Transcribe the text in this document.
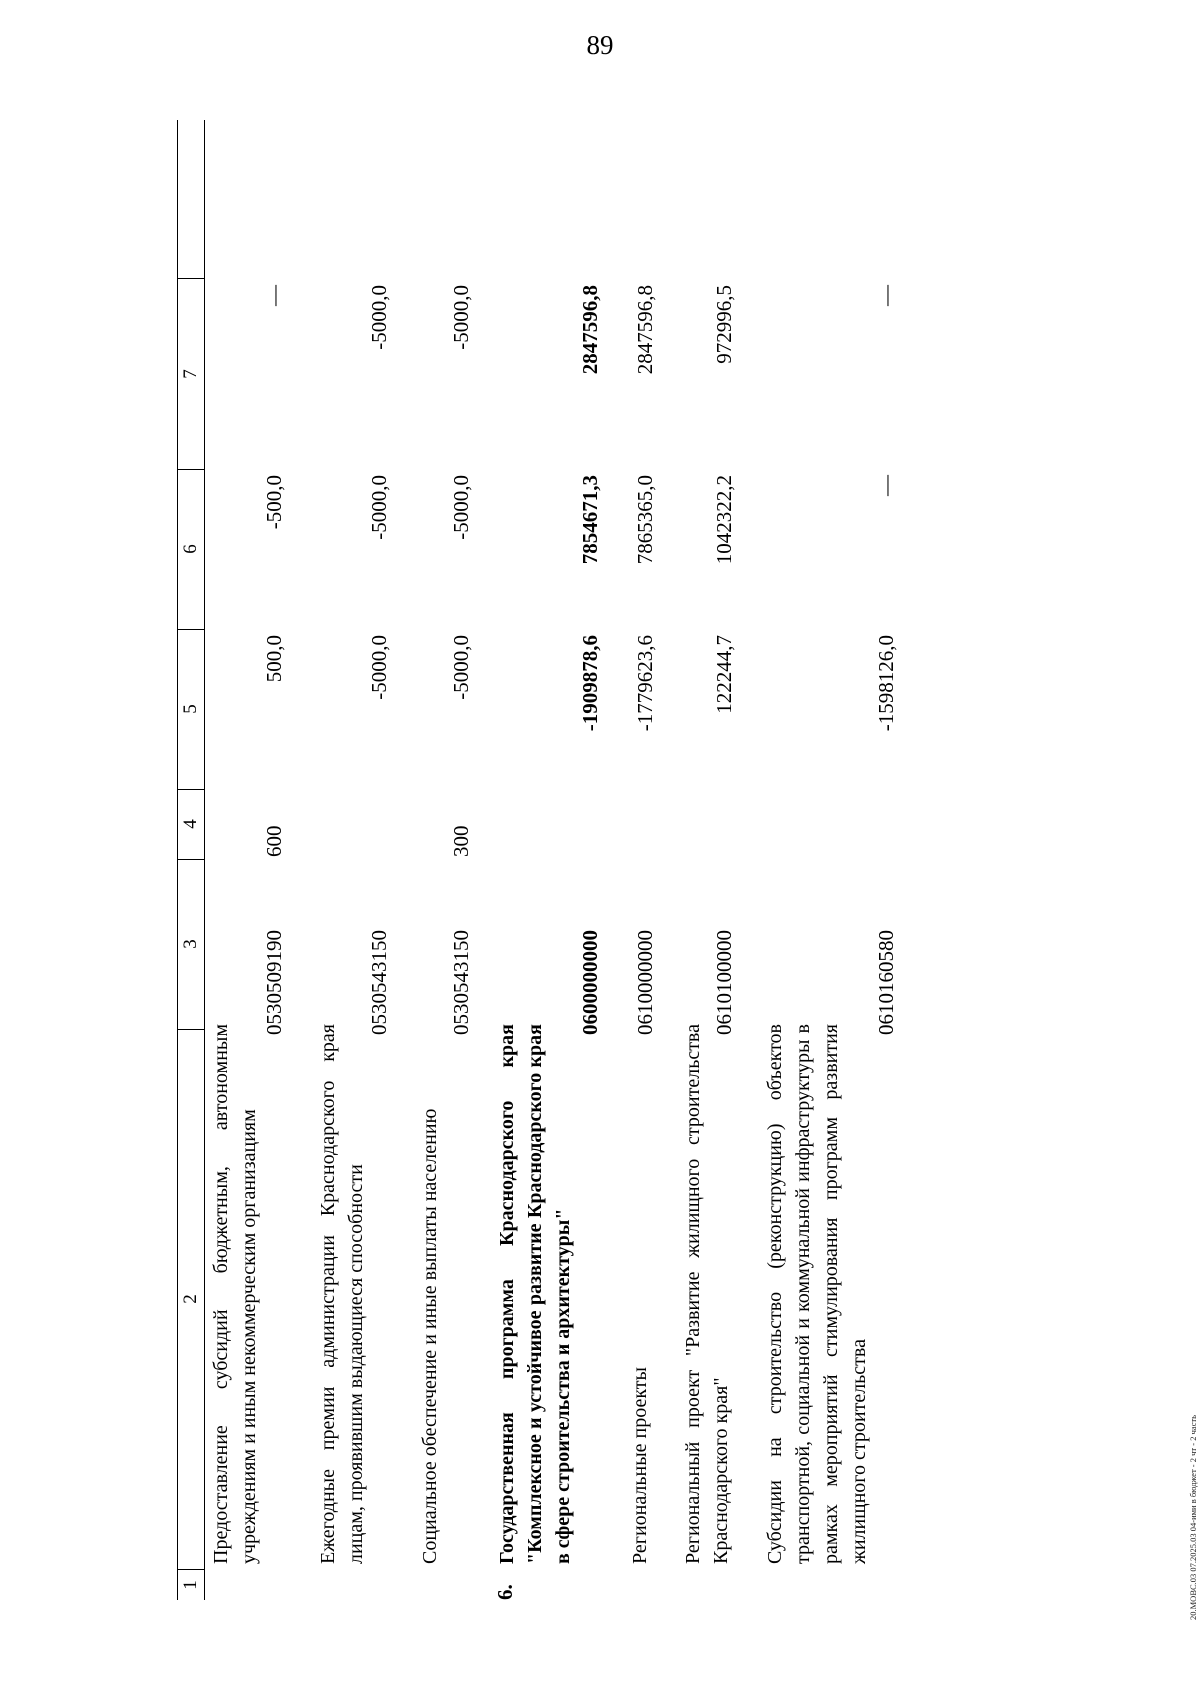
89
1
2
3
4
5
6
7
Предоставление субсидий бюджетным, автономным учреждениям и иным некоммерческим организациям
0530509190
600
500,0
-500,0
—
Ежегодные премии администрации Краснодарского края лицам, проявившим выдающиеся способности
0530543150
-5000,0
-5000,0
-5000,0
Социальное обеспечение и иные выплаты населению
0530543150
300
-5000,0
-5000,0
-5000,0
6.
Государственная программа Краснодарского края "Комплексное и устойчивое развитие Краснодарского края в сфере строительства и архитектуры"
0600000000
-1909878,6
7854671,3
2847596,8
Региональные проекты
0610000000
-1779623,6
7865365,0
2847596,8
Региональный проект "Развитие жилищного строительства Краснодарского края"
0610100000
122244,7
1042322,2
972996,5
Субсидии на строительство (реконструкцию) объектов транспортной, социальной и коммунальной инфраструктуры в рамках мероприятий стимулирования программ развития жилищного строительства
0610160580
-1598126,0
—
—
20.МОВС.03 07.2025.03 04-ими в бюджет - 2 чт - 2 часть
